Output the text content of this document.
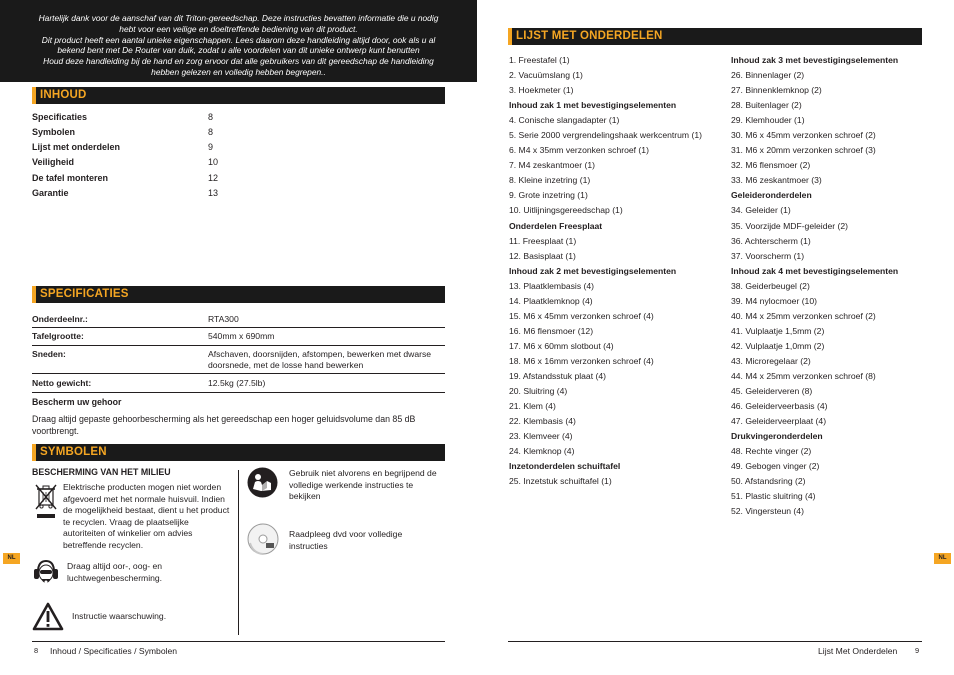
Hartelijk dank voor de aanschaf van dit Triton-gereedschap. Deze instructies bevatten informatie die u nodig

hebt voor een veilige en doeltreffende bediening van dit product.

Dit product heeft een aantal unieke eigenschappen. Lees daarom deze handleiding altijd door, ook als u al

bekend bent met De Router van duik, zodat u alle voordelen van dit unieke ontwerp kunt benutten

Houd deze handleiding bij de hand en zorg ervoor dat alle gebruikers van dit gereedschap de handleiding

hebben gelezen en volledig hebben begrepen..

INHOUD
Specificaties	8
Symbolen	8
Lijst met onderdelen	9
Veiligheid	10
De tafel monteren	12
Garantie	13
SPECIFICATIES
Onderdeelnr.:	RTA300
Tafelgrootte:	540mm x 690mm
Sneden:	Afschaven, doorsnijden, afstompen, bewerken met dwarse doorsnede, met de losse hand bewerken
Netto gewicht:	12.5kg (27.5lb)
Bescherm uw gehoor
Draag altijd gepaste gehoorbescherming als het gereedschap een hoger geluidsvolume dan 85 dB voortbrengt.
SYMBOLEN
BESCHERMING VAN HET MILIEU
Elektrische producten mogen niet worden afgevoerd met het normale huisvuil. Indien de mogelijkheid bestaat, dient u het product te recyclen. Vraag de plaatselijke autoriteiten of winkelier om advies betreffende recyclen.
Draag altijd oor-, oog- en luchtwegenbescherming.
Instructie waarschuwing.
Gebruik niet alvorens en begrijpend de volledige werkende instructies te bekijken
Raadpleeg dvd voor volledige instructies
8 Inhoud / Specificaties / Symbolen
NL
LIJST MET ONDERDELEN
1. Freestafel (1)
2. Vacuümslang (1)
3. Hoekmeter (1)
Inhoud zak 1 met bevestigingselementen
4. Conische slangadapter (1)
5. Serie 2000 vergrendelingshaak werkcentrum (1)
6. M4 x 35mm verzonken schroef (1)
7. M4 zeskantmoer (1)
8. Kleine inzetring (1)
9. Grote inzetring (1)
10. Uitlijningsgereedschap (1)
Onderdelen Freesplaat
11. Freesplaat (1)
12. Basisplaat (1)
Inhoud zak 2 met bevestigingselementen
13. Plaatklembasis (4)
14. Plaatklemknop (4)
15. M6 x 45mm verzonken schroef (4)
16. M6 flensmoer (12)
17. M6 x 60mm slotbout (4)
18. M6 x 16mm verzonken schroef (4)
19. Afstandsstuk plaat (4)
20. Sluitring (4)
21. Klem (4)
22. Klembasis (4)
23. Klemveer (4)
24. Klemknop (4)
Inzetonderdelen schuiftafel
25. Inzetstuk schuiftafel (1)
Inhoud zak 3 met bevestigingselementen
26. Binnenlager (2)
27. Binnenklemknop (2)
28. Buitenlager (2)
29. Klemhouder (1)
30. M6 x 45mm verzonken schroef (2)
31. M6 x 20mm verzonken schroef (3)
32. M6 flensmoer (2)
33. M6 zeskantmoer (3)
Geleideronderdelen
34. Geleider (1)
35. Voorzijde MDF-geleider (2)
36. Achterscherm (1)
37. Voorscherm (1)
Inhoud zak 4 met bevestigingselementen
38. Geiderbeugel (2)
39. M4 nylocmoer (10)
40. M4 x 25mm verzonken schroef (2)
41. Vulplaatje 1,5mm (2)
42. Vulplaatje 1,0mm (2)
43. Microregelaar (2)
44. M4 x 25mm verzonken schroef (8)
45. Geleiderveren (8)
46. Geleiderveerbasis (4)
47. Geleiderveerplaat (4)
Drukvingeronderdelen
48. Rechte vinger (2)
49. Gebogen vinger (2)
50. Afstandsring (2)
51. Plastic sluitring (4)
52. Vingersteun (4)
NL
Lijst Met Onderdelen 9
